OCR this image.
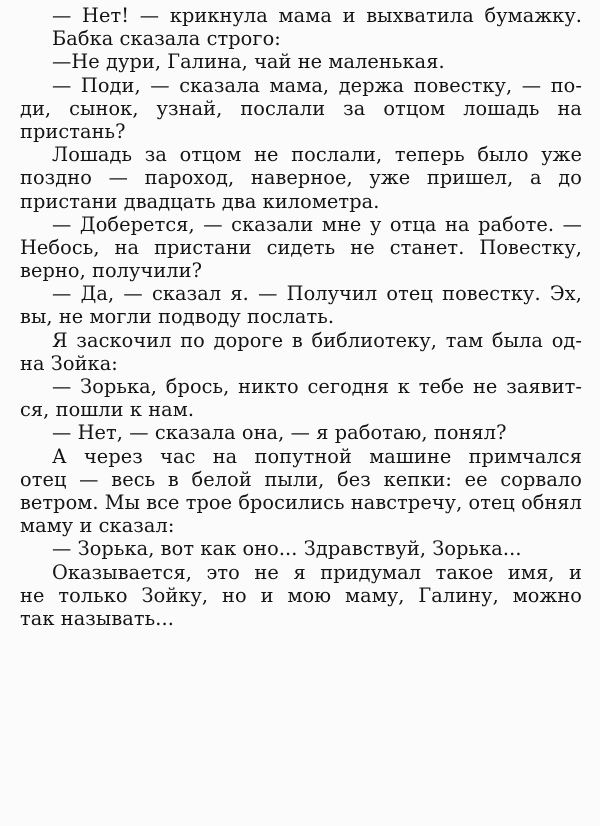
— Нет! — крикнула мама и выхватила бумажку.
Бабка сказала строго:
—Не дури, Галина, чай не маленькая.
— Поди, — сказала мама, держа повестку, — по-
ди, сынок, узнай, послали за отцом лошадь на
пристань?
Лошадь за отцом не послали, теперь было уже
поздно — пароход, наверное, уже пришел, а до
пристани двадцать два километра.
— Доберется, — сказали мне у отца на работе. —
Небось, на пристани сидеть не станет. Повестку,
верно, получили?
— Да, — сказал я. — Получил отец повестку. Эх,
вы, не могли подводу послать.
Я заскочил по дороге в библиотеку, там была од-
на Зойка:
— Зорька, брось, никто сегодня к тебе не заявит-
ся, пошли к нам.
— Нет, — сказала она, — я работаю, понял?
А через час на попутной машине примчался
отец — весь в белой пыли, без кепки: ее сорвало
ветром. Мы все трое бросились навстречу, отец обнял
маму и сказал:
— Зорька, вот как оно... Здравствуй, Зорька...
Оказывается, это не я придумал такое имя, и
не только Зойку, но и мою маму, Галину, можно
так называть...
